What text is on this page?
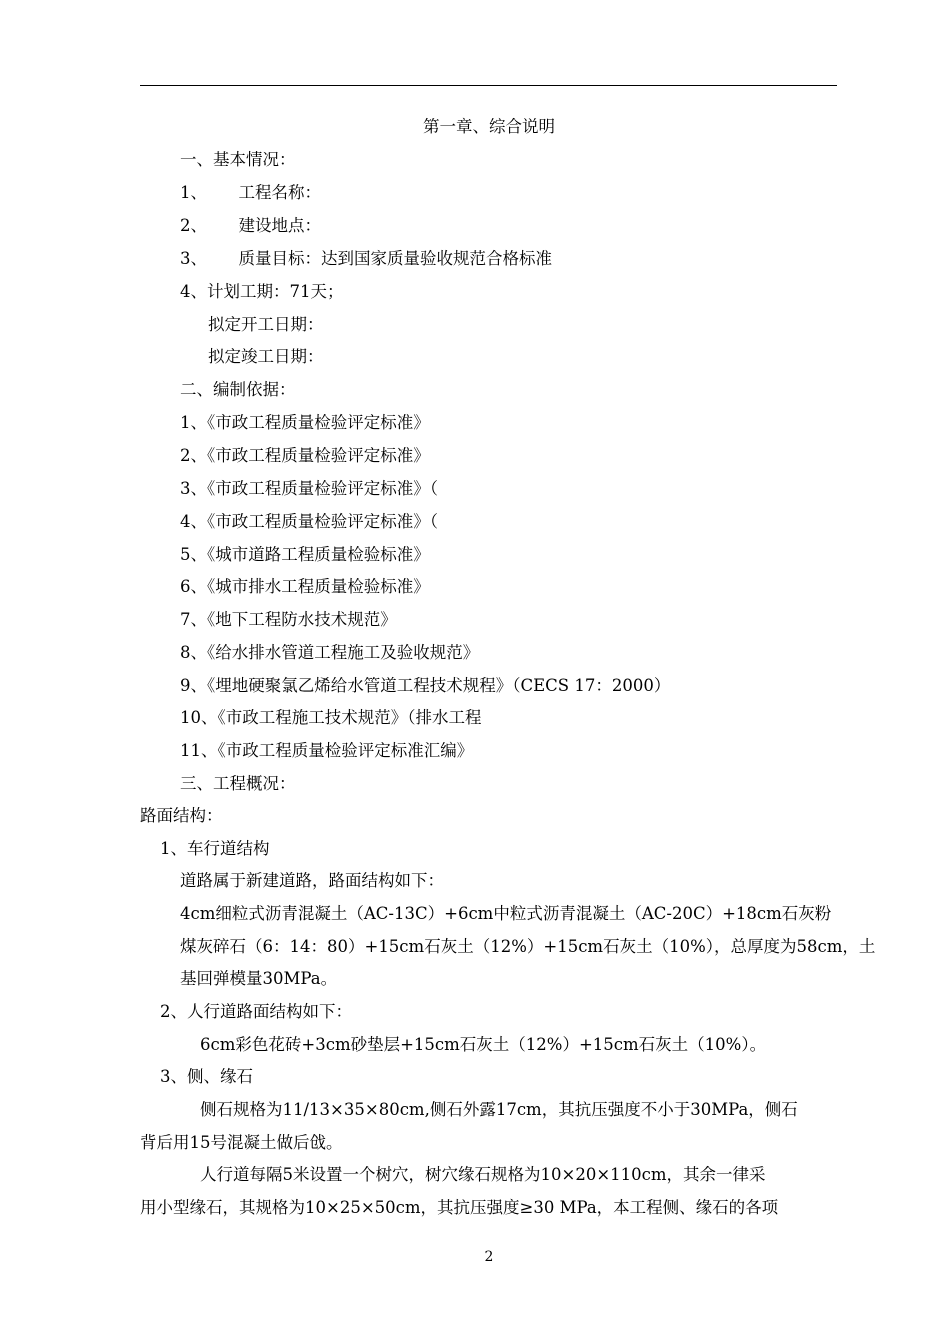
第一章、综合说明
一、基本情况：
1、      工程名称：
2、      建设地点：
3、      质量目标：达到国家质量验收规范合格标准
4、计划工期：71天；
拟定开工日期：
拟定竣工日期：
二、编制依据：
1、《市政工程质量检验评定标准》
2、《市政工程质量检验评定标准》
3、《市政工程质量检验评定标准》（
4、《市政工程质量检验评定标准》（
5、《城市道路工程质量检验标准》
6、《城市排水工程质量检验标准》
7、《地下工程防水技术规范》
8、《给水排水管道工程施工及验收规范》
9、《埋地硬聚氯乙烯给水管道工程技术规程》（CECS 17：2000）
10、《市政工程施工技术规范》（排水工程
11、《市政工程质量检验评定标准汇编》
三、工程概况：
路面结构：
1、车行道结构
道路属于新建道路，路面结构如下：
4cm细粒式沥青混凝土（AC-13C）+6cm中粒式沥青混凝土（AC-20C）+18cm石灰粉
煤灰碎石（6：14：80）+15cm石灰土（12%）+15cm石灰土（10%），总厚度为58cm，土
基回弹模量30MPa。
2、人行道路面结构如下：
6cm彩色花砖+3cm砂垫层+15cm石灰土（12%）+15cm石灰土（10%）。
3、侧、缘石
侧石规格为11/13×35×80cm,侧石外露17cm，其抗压强度不小于30MPa，侧石
背后用15号混凝土做后戗。
人行道每隔5米设置一个树穴，树穴缘石规格为10×20×110cm，其余一律采
用小型缘石，其规格为10×25×50cm，其抗压强度≥30 MPa，本工程侧、缘石的各项
2
